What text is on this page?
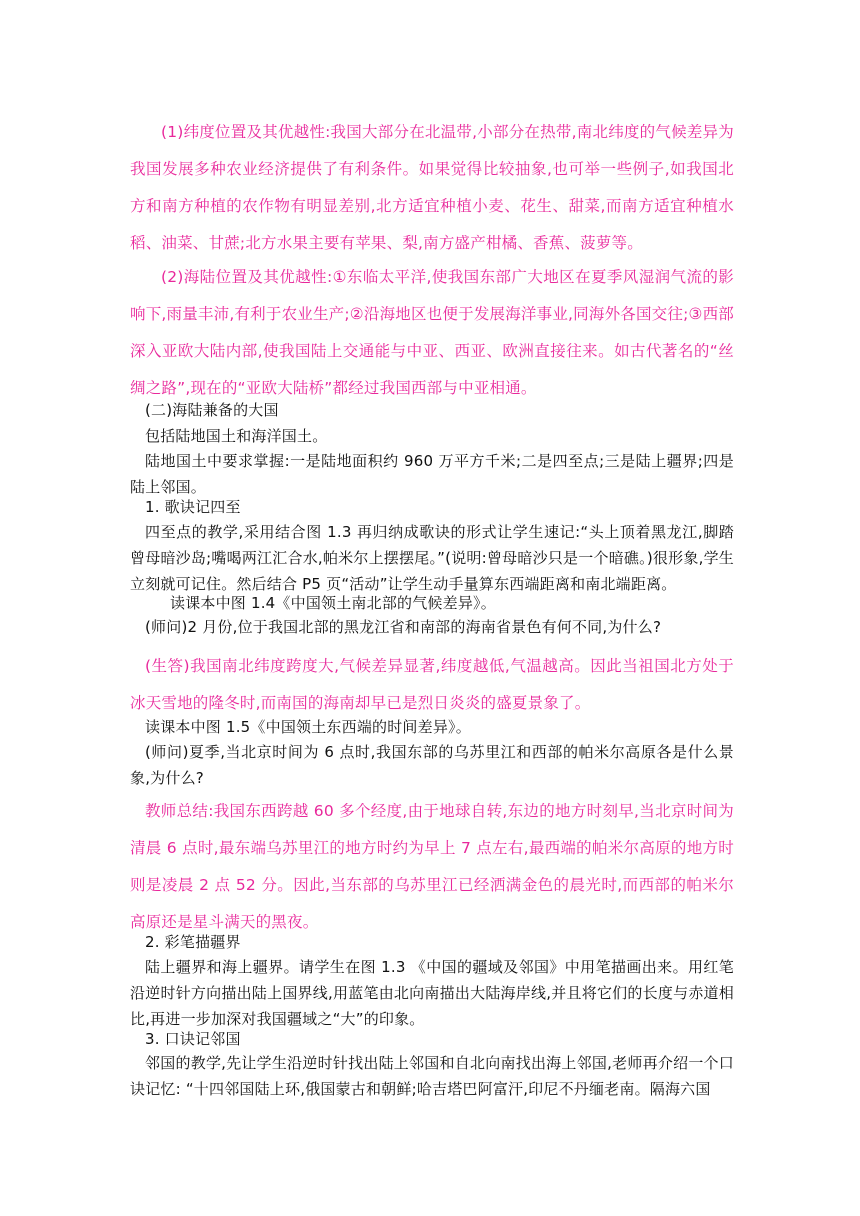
(1)纬度位置及其优越性:我国大部分在北温带,小部分在热带,南北纬度的气候差异为我国发展多种农业经济提供了有利条件。如果觉得比较抽象,也可举一些例子,如我国北方和南方种植的农作物有明显差别,北方适宜种植小麦、花生、甜菜,而南方适宜种植水稻、油菜、甘蔗;北方水果主要有苹果、梨,南方盛产柑橘、香蕉、菠萝等。

(2)海陆位置及其优越性:①东临太平洋,使我国东部广大地区在夏季风湿润气流的影响下,雨量丰沛,有利于农业生产;②沿海地区也便于发展海洋事业,同海外各国交往;③西部深入亚欧大陆内部,使我国陆上交通能与中亚、西亚、欧洲直接往来。如古代著名的“丝绸之路”,现在的“亚欧大陆桥”都经过我国西部与中亚相通。

(二)海陆兼备的大国

包括陆地国土和海洋国土。

陆地国土中要求掌握:一是陆地面积约 960 万平方千米;二是四至点;三是陆上疆界;四是陆上邻国。

1. 歌诀记四至

四至点的教学,采用结合图 1.3 再归纳成歌诀的形式让学生速记:“头上顶着黑龙江,脚踏曾母暗沙岛;嘴喝两江汇合水,帕米尔上摆摆尾。”(说明:曾母暗沙只是一个暗礁。)很形象,学生立刻就可记住。然后结合 P5 页“活动”让学生动手量算东西端距离和南北端距离。

读课本中图 1.4《中国领土南北部的气候差异》。

(师问)2 月份,位于我国北部的黑龙江省和南部的海南省景色有何不同,为什么?

(生答)我国南北纬度跨度大,气候差异显著,纬度越低,气温越高。因此当祖国北方处于冰天雪地的隆冬时,而南国的海南却早已是烈日炎炎的盛夏景象了。

读课本中图 1.5《中国领土东西端的时间差异》。

(师问)夏季,当北京时间为 6 点时,我国东部的乌苏里江和西部的帕米尔高原各是什么景象,为什么?

教师总结:我国东西跨越 60 多个经度,由于地球自转,东边的地方时刻早,当北京时间为清晨 6 点时,最东端乌苏里江的地方时约为早上 7 点左右,最西端的帕米尔高原的地方时则是凌晨 2 点 52 分。因此,当东部的乌苏里江已经洒满金色的晨光时,而西部的帕米尔高原还是星斗满天的黑夜。

2. 彩笔描疆界

陆上疆界和海上疆界。请学生在图 1.3 《中国的疆域及邻国》中用笔描画出来。用红笔沿逆时针方向描出陆上国界线,用蓝笔由北向南描出大陆海岸线,并且将它们的长度与赤道相比,再进一步加深对我国疆域之“大”的印象。

3. 口诀记邻国

邻国的教学,先让学生沿逆时针找出陆上邻国和自北向南找出海上邻国,老师再介绍一个口诀记忆: “十四邻国陆上环,俄国蒙古和朝鲜;哈吉塔巴阿富汗,印尼不丹缅老南。隔海六国
